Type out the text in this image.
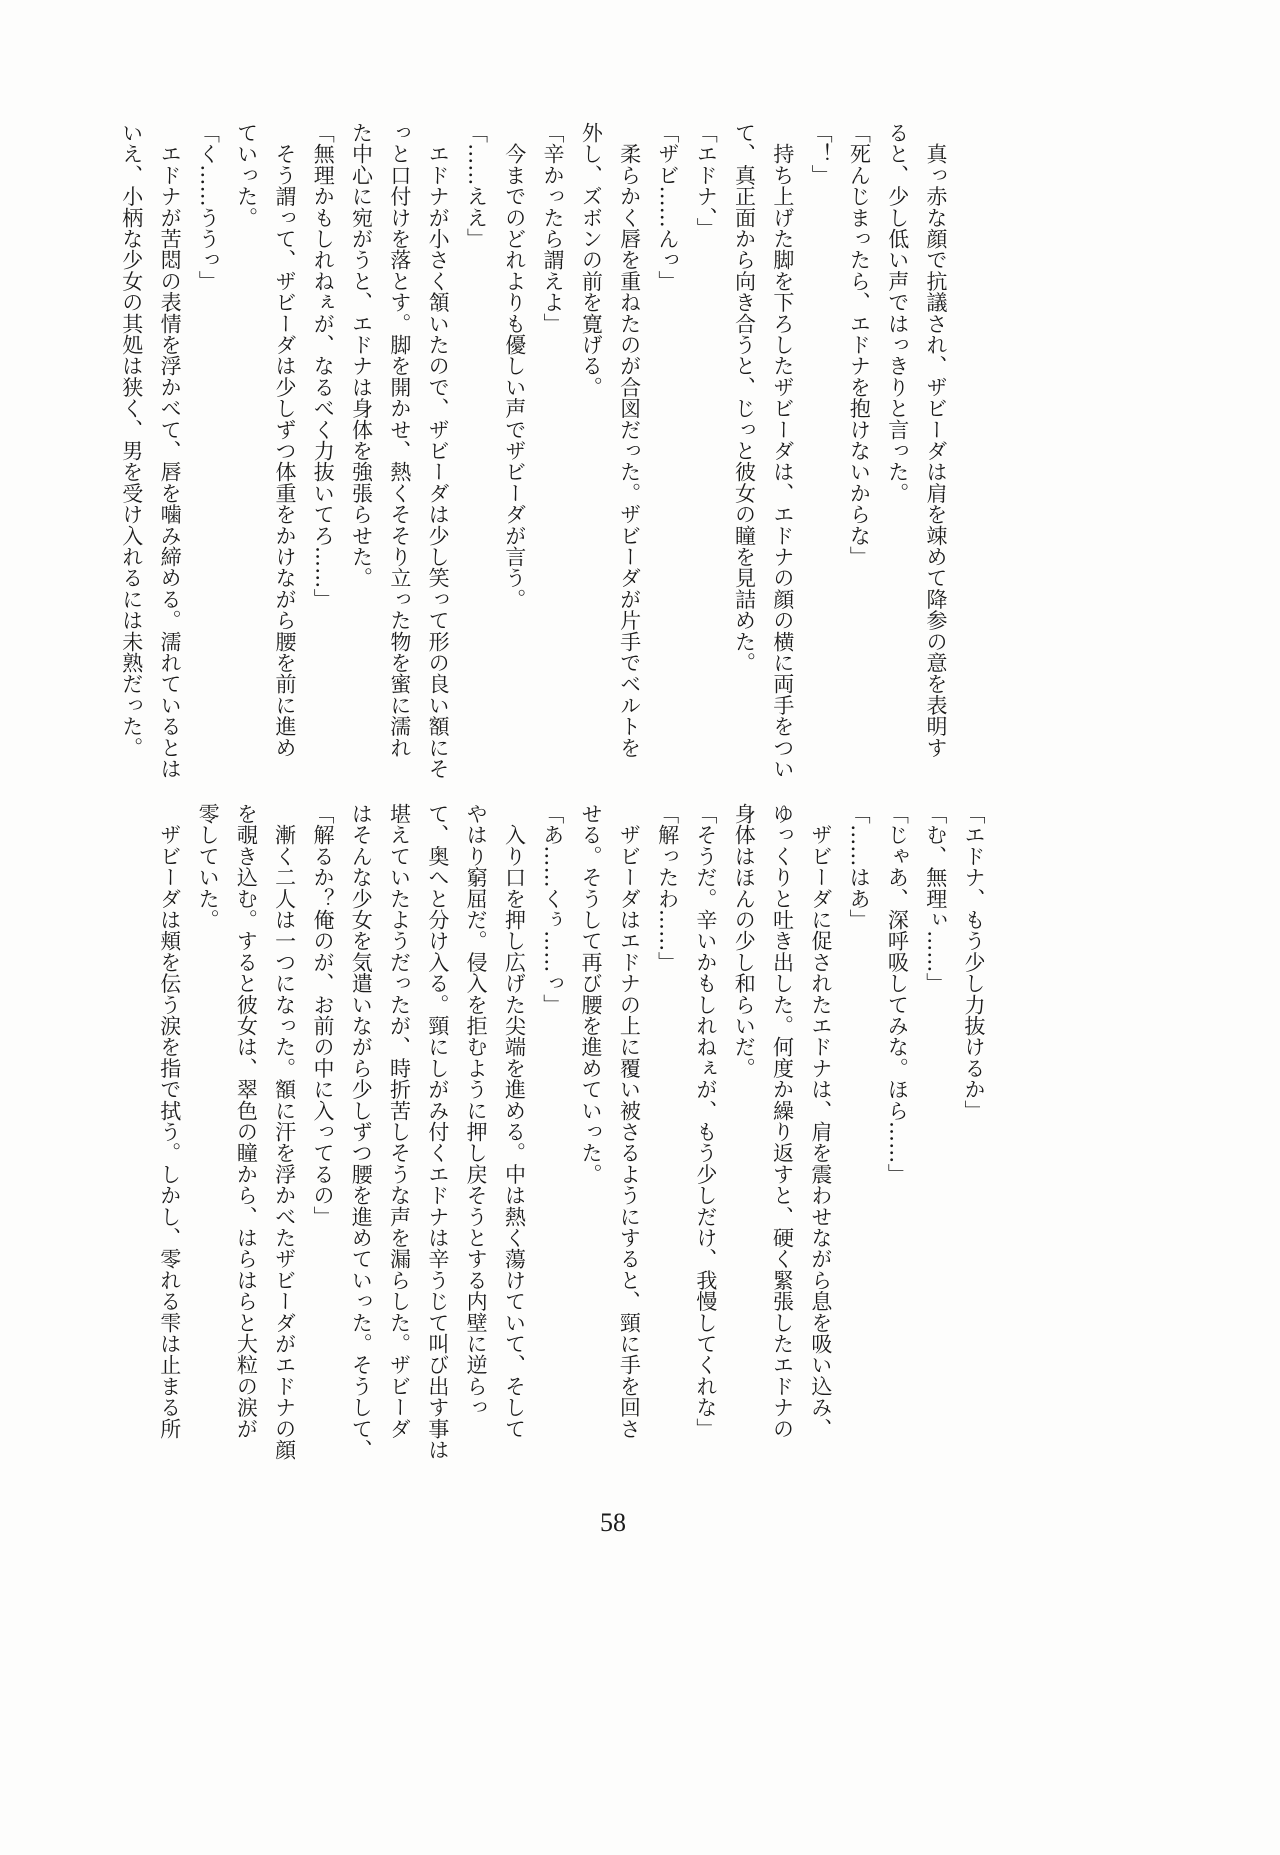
　真っ赤な顔で抗議され、ザビーダは肩を竦めて降参の意を表明す

ると、少し低い声ではっきりと言った。

「死んじまったら、エドナを抱けないからな」

「！」

　持ち上げた脚を下ろしたザビーダは、エドナの顔の横に両手をつい

て、真正面から向き合うと、じっと彼女の瞳を見詰めた。

「エドナ、」

「ザビ……んっ」

　柔らかく唇を重ねたのが合図だった。ザビーダが片手でベルトを

外し、ズボンの前を寛げる。

「辛かったら謂えよ」

　今までのどれよりも優しい声でザビーダが言う。

「……ええ」

　エドナが小さく頷いたので、ザビーダは少し笑って形の良い額にそ

っと口付けを落とす。脚を開かせ、熱くそそり立った物を蜜に濡れ

た中心に宛がうと、エドナは身体を強張らせた。

「無理かもしれねぇが、なるべく力抜いてろ……」

　そう謂って、ザビーダは少しずつ体重をかけながら腰を前に進め

ていった。

「く……ううっ」

　エドナが苦悶の表情を浮かべて、唇を噛み締める。濡れているとは

いえ、小柄な少女の其処は狭く、男を受け入れるには未熟だった。

「エドナ、もう少し力抜けるか」

「む、無理ぃ……」

「じゃあ、深呼吸してみな。ほら……」

「……はあ」

　ザビーダに促されたエドナは、肩を震わせながら息を吸い込み、

ゆっくりと吐き出した。何度か繰り返すと、硬く緊張したエドナの

身体はほんの少し和らいだ。

「そうだ。辛いかもしれねぇが、もう少しだけ、我慢してくれな」

「解ったわ……」

　ザビーダはエドナの上に覆い被さるようにすると、頸に手を回さ

せる。そうして再び腰を進めていった。

「あ……くぅ……っ」

　入り口を押し広げた尖端を進める。中は熱く蕩けていて、そして

やはり窮屈だ。侵入を拒むように押し戻そうとする内壁に逆らっ

て、奥へと分け入る。頸にしがみ付くエドナは辛うじて叫び出す事は

堪えていたようだったが、時折苦しそうな声を漏らした。ザビーダ

はそんな少女を気遣いながら少しずつ腰を進めていった。そうして、

「解るか？俺のが、お前の中に入ってるの」

　漸く二人は一つになった。額に汗を浮かべたザビーダがエドナの顔

を覗き込む。すると彼女は、翠色の瞳から、はらはらと大粒の涙が

零していた。

　ザビーダは頬を伝う涙を指で拭う。しかし、零れる雫は止まる所

58
